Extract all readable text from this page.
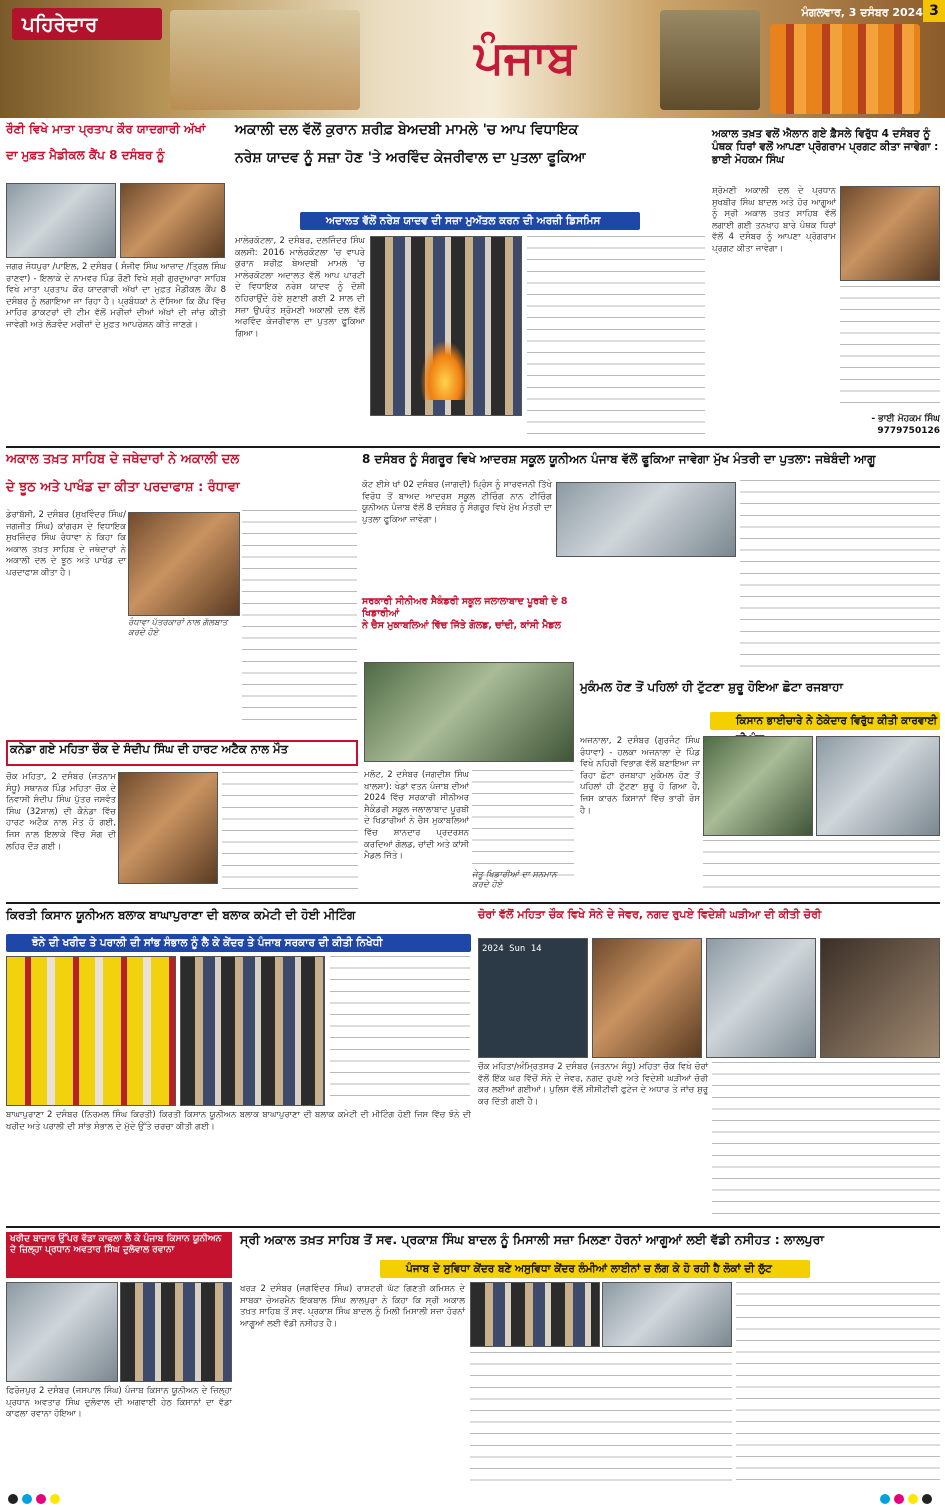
ਪਹਿਰੇਦਾਰ
ਪੰਜਾਬ
ਮੰਗਲਵਾਰ, 3 ਦਸੰਬਰ 2024 3
ਰੌਣੀ ਵਿਖੇ ਮਾਤਾ ਪ੍ਰਤਾਪ ਕੌਰ ਯਾਦਗਾਰੀ ਅੱਖਾਂ
ਦਾ ਮੁਫ਼ਤ ਮੈਡੀਕਲ ਕੈਂਪ 8 ਦਸੰਬਰ ਨੂੰ
ਜਗਰ ਜੋਧਪੁਰਾ /ਪਾਇਲ, 2 ਦਸੰਬਰ ( ਸੰਜੀਵ ਸਿੰਘ ਆਜ਼ਾਦ /ਤ੍ਰਿਲ ਸਿੰਘ ਰਾਣਵਾ) - ਇਲਾਕੇ ਦੇ ਨਾਮਵਰ ਪਿੰਡ ਰੌਣੀ ਵਿਖੇ ਸ਼੍ਰੀ ਗੁਰਦੁਆਰਾ ਸਾਹਿਬ ਵਿਖੇ ਮਾਤਾ ਪ੍ਰਤਾਪ ਕੌਰ ਯਾਦਗਾਰੀ ਅੱਖਾਂ ਦਾ ਮੁਫ਼ਤ ਮੈਡੀਕਲ ਕੈਂਪ 8 ਦਸੰਬਰ ਨੂੰ ਲਗਾਇਆ ਜਾ ਰਿਹਾ ਹੈ। ਪ੍ਰਬੰਧਕਾਂ ਨੇ ਦੱਸਿਆ ਕਿ ਕੈਂਪ ਵਿੱਚ ਮਾਹਿਰ ਡਾਕਟਰਾਂ ਦੀ ਟੀਮ ਵੱਲੋਂ ਮਰੀਜ਼ਾਂ ਦੀਆਂ ਅੱਖਾਂ ਦੀ ਜਾਂਚ ਕੀਤੀ ਜਾਵੇਗੀ ਅਤੇ ਲੋੜਵੰਦ ਮਰੀਜ਼ਾਂ ਦੇ ਮੁਫ਼ਤ ਆਪਰੇਸ਼ਨ ਕੀਤੇ ਜਾਣਗੇ।
ਅਕਾਲੀ ਦਲ ਵੱਲੋਂ ਕੁਰਾਨ ਸ਼ਰੀਫ਼ ਬੇਅਦਬੀ ਮਾਮਲੇ 'ਚ ਆਪ ਵਿਧਾਇਕ
ਨਰੇਸ਼ ਯਾਦਵ ਨੂੰ ਸਜ਼ਾ ਹੋਣ 'ਤੇ ਅਰਵਿੰਦ ਕੇਜਰੀਵਾਲ ਦਾ ਪੁਤਲਾ ਫੂਕਿਆ
ਅਦਾਲਤ ਵੱਲੋਂ ਨਰੇਸ਼ ਯਾਦਵ ਦੀ ਸਜ਼ਾ ਮੁਅੱਤਲ ਕਰਨ ਦੀ ਅਰਜ਼ੀ ਡਿਸਮਿਸ
ਮਾਲੇਰਕੋਟਲਾ, 2 ਦਸੰਬਰ, ਦਲਜਿੰਦਰ ਸਿੰਘ ਕਲਸੀ: 2016 ਮਾਲੇਰਕੋਟਲਾ 'ਚ ਵਾਪਰੇ ਕੁਰਾਨ ਸ਼ਰੀਫ਼ ਬੇਅਦਬੀ ਮਾਮਲੇ 'ਚ ਮਾਲੇਰਕੋਟਲਾ ਅਦਾਲਤ ਵੱਲੋਂ ਆਪ ਪਾਰਟੀ ਦੇ ਵਿਧਾਇਕ ਨਰੇਸ਼ ਯਾਦਵ ਨੂੰ ਦੋਸ਼ੀ ਠਹਿਰਾਉਂਦੇ ਹੋਏ ਸੁਣਾਈ ਗਈ 2 ਸਾਲ ਦੀ ਸਜ਼ਾ ਉਪਰੰਤ ਸ਼੍ਰੋਮਣੀ ਅਕਾਲੀ ਦਲ ਵੱਲੋਂ ਅਰਵਿੰਦ ਕੇਜਰੀਵਾਲ ਦਾ ਪੁਤਲਾ ਫੂਕਿਆ ਗਿਆ।
ਅਕਾਲ ਤਖ਼ਤ ਵਲੋਂ ਐਲਾਨ ਗਏ ਫ਼ੈਸਲੇ ਵਿਰੁੱਧ 4 ਦਸੰਬਰ ਨੂੰ ਪੰਥਕ ਧਿਰਾਂ ਵਲੋਂ ਆਪਣਾ ਪ੍ਰੋਗਰਾਮ ਪ੍ਰਗਟ ਕੀਤਾ ਜਾਵੇਗਾ : ਭਾਈ ਮੋਹਕਮ ਸਿੰਘ
ਸ਼੍ਰੋਮਣੀ ਅਕਾਲੀ ਦਲ ਦੇ ਪ੍ਰਧਾਨ ਸੁਖਬੀਰ ਸਿੰਘ ਬਾਦਲ ਅਤੇ ਹੋਰ ਆਗੂਆਂ ਨੂੰ ਸ੍ਰੀ ਅਕਾਲ ਤਖ਼ਤ ਸਾਹਿਬ ਵੱਲੋਂ ਲਗਾਈ ਗਈ ਤਨਖਾਹ ਬਾਰੇ ਪੰਥਕ ਧਿਰਾਂ ਵੱਲੋਂ 4 ਦਸੰਬਰ ਨੂੰ ਆਪਣਾ ਪ੍ਰੋਗਰਾਮ ਪ੍ਰਗਟ ਕੀਤਾ ਜਾਵੇਗਾ।
- ਭਾਈ ਮੋਹਕਮ ਸਿੰਘ
9779750126
ਅਕਾਲ ਤਖ਼ਤ ਸਾਹਿਬ ਦੇ ਜਥੇਦਾਰਾਂ ਨੇ ਅਕਾਲੀ ਦਲ
ਦੇ ਝੂਠ ਅਤੇ ਪਾਖੰਡ ਦਾ ਕੀਤਾ ਪਰਦਾਫਾਸ਼ : ਰੰਧਾਵਾ
ਡੇਰਾਬੱਸੀ, 2 ਦਸੰਬਰ (ਸੁਖਵਿੰਦਰ ਸਿੰਘ/ਜਗਜੀਤ ਸਿੰਘ) ਕਾਂਗਰਸ ਦੇ ਵਿਧਾਇਕ ਸੁਖਜਿੰਦਰ ਸਿੰਘ ਰੰਧਾਵਾ ਨੇ ਕਿਹਾ ਕਿ ਅਕਾਲ ਤਖ਼ਤ ਸਾਹਿਬ ਦੇ ਜਥੇਦਾਰਾਂ ਨੇ ਅਕਾਲੀ ਦਲ ਦੇ ਝੂਠ ਅਤੇ ਪਾਖੰਡ ਦਾ ਪਰਦਾਫਾਸ਼ ਕੀਤਾ ਹੈ।
ਰੰਧਾਵਾ ਪੱਤਰਕਾਰਾਂ ਨਾਲ ਗੱਲਬਾਤ ਕਰਦੇ ਹੋਏ
8 ਦਸੰਬਰ ਨੂੰ ਸੰਗਰੂਰ ਵਿਖੇ ਆਦਰਸ਼ ਸਕੂਲ ਯੂਨੀਅਨ ਪੰਜਾਬ ਵੱਲੋਂ ਫੂਕਿਆ ਜਾਵੇਗਾ ਮੁੱਖ ਮੰਤਰੀ ਦਾ ਪੁਤਲਾ: ਜਥੇਬੰਦੀ ਆਗੂ
ਕੋਟ ਈਸੇ ਖਾਂ 02 ਦਸੰਬਰ (ਜਾਗਦੀ) ਪ੍ਰਿੰਸ ਨੂੰ ਸਾਰਵਜਨੀ ਤਿੱਖੇ ਵਿਰੋਧ ਤੋਂ ਬਾਅਦ ਆਦਰਸ਼ ਸਕੂਲ ਟੀਚਿੰਗ ਨਾਨ ਟੀਚਿੰਗ ਯੂਨੀਅਨ ਪੰਜਾਬ ਵੱਲੋਂ 8 ਦਸੰਬਰ ਨੂੰ ਸੰਗਰੂਰ ਵਿਖੇ ਮੁੱਖ ਮੰਤਰੀ ਦਾ ਪੁਤਲਾ ਫੂਕਿਆ ਜਾਵੇਗਾ।
ਸਰਕਾਰੀ ਸੀਨੀਅਰ ਸੈਕੰਡਰੀ ਸਕੂਲ ਜਲਾਲਾਬਾਦ ਪੂਰਬੀ ਦੇ 8 ਖਿਡਾਰੀਆਂ
ਨੇ ਚੈਸ ਮੁਕਾਬਲਿਆਂ ਵਿੱਚ ਜਿੱਤੇ ਗੋਲਡ, ਚਾਂਦੀ, ਕਾਂਸੀ ਮੈਡਲ
ਮਲੋਟ, 2 ਦਸੰਬਰ (ਜਗਦੀਸ਼ ਸਿੰਘ ਖਾਲਸਾ): ਖੇਡਾਂ ਵਤਨ ਪੰਜਾਬ ਦੀਆਂ 2024 ਵਿੱਚ ਸਰਕਾਰੀ ਸੀਨੀਅਰ ਸੈਕੰਡਰੀ ਸਕੂਲ ਜਲਾਲਾਬਾਦ ਪੂਰਬੀ ਦੇ ਖਿਡਾਰੀਆਂ ਨੇ ਚੈਸ ਮੁਕਾਬਲਿਆਂ ਵਿੱਚ ਸ਼ਾਨਦਾਰ ਪ੍ਰਦਰਸ਼ਨ ਕਰਦਿਆਂ ਗੋਲਡ, ਚਾਂਦੀ ਅਤੇ ਕਾਂਸੀ ਮੈਡਲ ਜਿੱਤੇ।
ਜੇਤੂ ਖਿਡਾਰੀਆਂ ਦਾ ਸਨਮਾਨ ਕਰਦੇ ਹੋਏ
ਮੁਕੰਮਲ ਹੋਣ ਤੋਂ ਪਹਿਲਾਂ ਹੀ ਟੁੱਟਣਾ ਸ਼ੁਰੂ ਹੋਇਆ ਛੋਟਾ ਰਜਬਾਹਾ
ਕਿਸਾਨ ਭਾਈਚਾਰੇ ਨੇ ਠੇਕੇਦਾਰ ਵਿਰੁੱਧ ਕੀਤੀ ਕਾਰਵਾਈ
ਅਜਨਾਲਾ, 2 ਦਸੰਬਰ (ਗੁਰਜੰਟ ਸਿੰਘ ਰੰਧਾਵਾ) - ਹਲਕਾ ਅਜਨਾਲਾ ਦੇ ਪਿੰਡ ਵਿਖੇ ਨਹਿਰੀ ਵਿਭਾਗ ਵੱਲੋਂ ਬਣਾਇਆ ਜਾ ਰਿਹਾ ਛੋਟਾ ਰਜਬਾਹਾ ਮੁਕੰਮਲ ਹੋਣ ਤੋਂ ਪਹਿਲਾਂ ਹੀ ਟੁੱਟਣਾ ਸ਼ੁਰੂ ਹੋ ਗਿਆ ਹੈ, ਜਿਸ ਕਾਰਨ ਕਿਸਾਨਾਂ ਵਿੱਚ ਭਾਰੀ ਰੋਸ ਹੈ।
ਕਨੇਡਾ ਗਏ ਮਹਿਤਾ ਚੌਕ ਦੇ ਸੰਦੀਪ ਸਿੰਘ ਦੀ ਹਾਰਟ ਅਟੈਕ ਨਾਲ ਮੌਤ
ਚੌਕ ਮਹਿਤਾ, 2 ਦਸੰਬਰ (ਜਤਨਾਮ ਸੰਧੂ) ਸਥਾਨਕ ਪਿੰਡ ਮਹਿਤਾ ਚੌਕ ਦੇ ਨਿਵਾਸੀ ਸੰਦੀਪ ਸਿੰਘ ਪੁੱਤਰ ਜਸਵੰਤ ਸਿੰਘ (32ਸਾਲ) ਦੀ ਕੈਨੇਡਾ ਵਿੱਚ ਹਾਰਟ ਅਟੈਕ ਨਾਲ ਮੌਤ ਹੋ ਗਈ, ਜਿਸ ਨਾਲ ਇਲਾਕੇ ਵਿੱਚ ਸੋਗ ਦੀ ਲਹਿਰ ਦੌੜ ਗਈ।
ਕਿਰਤੀ ਕਿਸਾਨ ਯੂਨੀਅਨ ਬਲਾਕ ਬਾਘਾਪੁਰਾਣਾ ਦੀ ਬਲਾਕ ਕਮੇਟੀ ਦੀ ਹੋਈ ਮੀਟਿੰਗ
ਝੋਨੇ ਦੀ ਖਰੀਦ ਤੇ ਪਰਾਲੀ ਦੀ ਸਾਂਭ ਸੰਭਾਲ ਨੂੰ ਲੈ ਕੇ ਕੇਂਦਰ ਤੇ ਪੰਜਾਬ ਸਰਕਾਰ ਦੀ ਕੀਤੀ ਨਿਖੇਧੀ
ਬਾਘਾਪੁਰਾਣਾ 2 ਦਸੰਬਰ (ਨਿਰਮਲ ਸਿੰਘ ਕਿਰਤੀ) ਕਿਰਤੀ ਕਿਸਾਨ ਯੂਨੀਅਨ ਬਲਾਕ ਬਾਘਾਪੁਰਾਣਾ ਦੀ ਬਲਾਕ ਕਮੇਟੀ ਦੀ ਮੀਟਿੰਗ ਹੋਈ ਜਿਸ ਵਿੱਚ ਝੋਨੇ ਦੀ ਖਰੀਦ ਅਤੇ ਪਰਾਲੀ ਦੀ ਸਾਂਭ ਸੰਭਾਲ ਦੇ ਮੁੱਦੇ ਉੱਤੇ ਚਰਚਾ ਕੀਤੀ ਗਈ।
ਚੋਰਾਂ ਵੱਲੋਂ ਮਹਿਤਾ ਚੌਕ ਵਿਖੇ ਸੋਨੇ ਦੇ ਜੇਵਰ, ਨਗਦ ਰੁਪਏ ਵਿਦੇਸ਼ੀ ਘੜੀਆ ਦੀ ਕੀਤੀ ਚੋਰੀ
2024 Sun 14
ਚੌਕ ਮਹਿਤਾ/ਅੰਮ੍ਰਿਤਸਰ 2 ਦਸੰਬਰ (ਜਤਨਾਮ ਸੰਧੂ) ਮਹਿਤਾ ਚੌਕ ਵਿਖੇ ਚੋਰਾਂ ਵੱਲੋਂ ਇੱਕ ਘਰ ਵਿੱਚੋਂ ਸੋਨੇ ਦੇ ਜੇਵਰ, ਨਗਦ ਰੁਪਏ ਅਤੇ ਵਿਦੇਸ਼ੀ ਘੜੀਆਂ ਚੋਰੀ ਕਰ ਲਈਆਂ ਗਈਆਂ। ਪੁਲਿਸ ਵੱਲੋਂ ਸੀਸੀਟੀਵੀ ਫੁਟੇਜ ਦੇ ਅਧਾਰ ਤੇ ਜਾਂਚ ਸ਼ੁਰੂ ਕਰ ਦਿੱਤੀ ਗਈ ਹੈ।
ਖਰੀਦ ਬਾਜ਼ਾਰ ਉੱਪਰ ਵੱਡਾ ਕਾਫਲਾ ਲੈ ਕੇ ਪੰਜਾਬ ਕਿਸਾਨ ਯੂਨੀਅਨ ਦੇ ਜ਼ਿਲ੍ਹਾ ਪ੍ਰਧਾਨ ਅਵਤਾਰ ਸਿੰਘ ਦੁਲੋਵਾਲ ਰਵਾਨਾ
ਫਿਰੋਜ਼ਪੁਰ 2 ਦਸੰਬਰ (ਜਸਪਾਲ ਸਿੰਘ) ਪੰਜਾਬ ਕਿਸਾਨ ਯੂਨੀਅਨ ਦੇ ਜ਼ਿਲ੍ਹਾ ਪ੍ਰਧਾਨ ਅਵਤਾਰ ਸਿੰਘ ਦੁਲੋਵਾਲ ਦੀ ਅਗਵਾਈ ਹੇਠ ਕਿਸਾਨਾਂ ਦਾ ਵੱਡਾ ਕਾਫਲਾ ਰਵਾਨਾ ਹੋਇਆ।
ਸ੍ਰੀ ਅਕਾਲ ਤਖ਼ਤ ਸਾਹਿਬ ਤੋਂ ਸਵ. ਪ੍ਰਕਾਸ਼ ਸਿੰਘ ਬਾਦਲ ਨੂੰ ਮਿਸਾਲੀ ਸਜ਼ਾ ਮਿਲਣਾ ਹੋਰਨਾਂ ਆਗੂਆਂ ਲਈ ਵੱਡੀ ਨਸੀਹਤ : ਲਾਲਪੁਰਾ
ਪੰਜਾਬ ਦੇ ਸੁਵਿਧਾ ਕੇਂਦਰ ਬਣੇ ਅਸੁਵਿਧਾ ਕੇਂਦਰ ਲੰਮੀਆਂ ਲਾਈਨਾਂ ਚ ਲੱਗ ਕੇ ਹੋ ਰਹੀ ਹੈ ਲੋਕਾਂ ਦੀ ਲੁੱਟ
ਖਰੜ 2 ਦਸੰਬਰ (ਜਗਵਿੰਦਰ ਸਿੰਘ) ਰਾਸ਼ਟਰੀ ਘੱਟ ਗਿਣਤੀ ਕਮਿਸ਼ਨ ਦੇ ਸਾਬਕਾ ਚੇਅਰਮੈਨ ਇਕਬਾਲ ਸਿੰਘ ਲਾਲਪੁਰਾ ਨੇ ਕਿਹਾ ਕਿ ਸ੍ਰੀ ਅਕਾਲ ਤਖ਼ਤ ਸਾਹਿਬ ਤੋਂ ਸਵ. ਪ੍ਰਕਾਸ਼ ਸਿੰਘ ਬਾਦਲ ਨੂੰ ਮਿਲੀ ਮਿਸਾਲੀ ਸਜ਼ਾ ਹੋਰਨਾਂ ਆਗੂਆਂ ਲਈ ਵੱਡੀ ਨਸੀਹਤ ਹੈ।
